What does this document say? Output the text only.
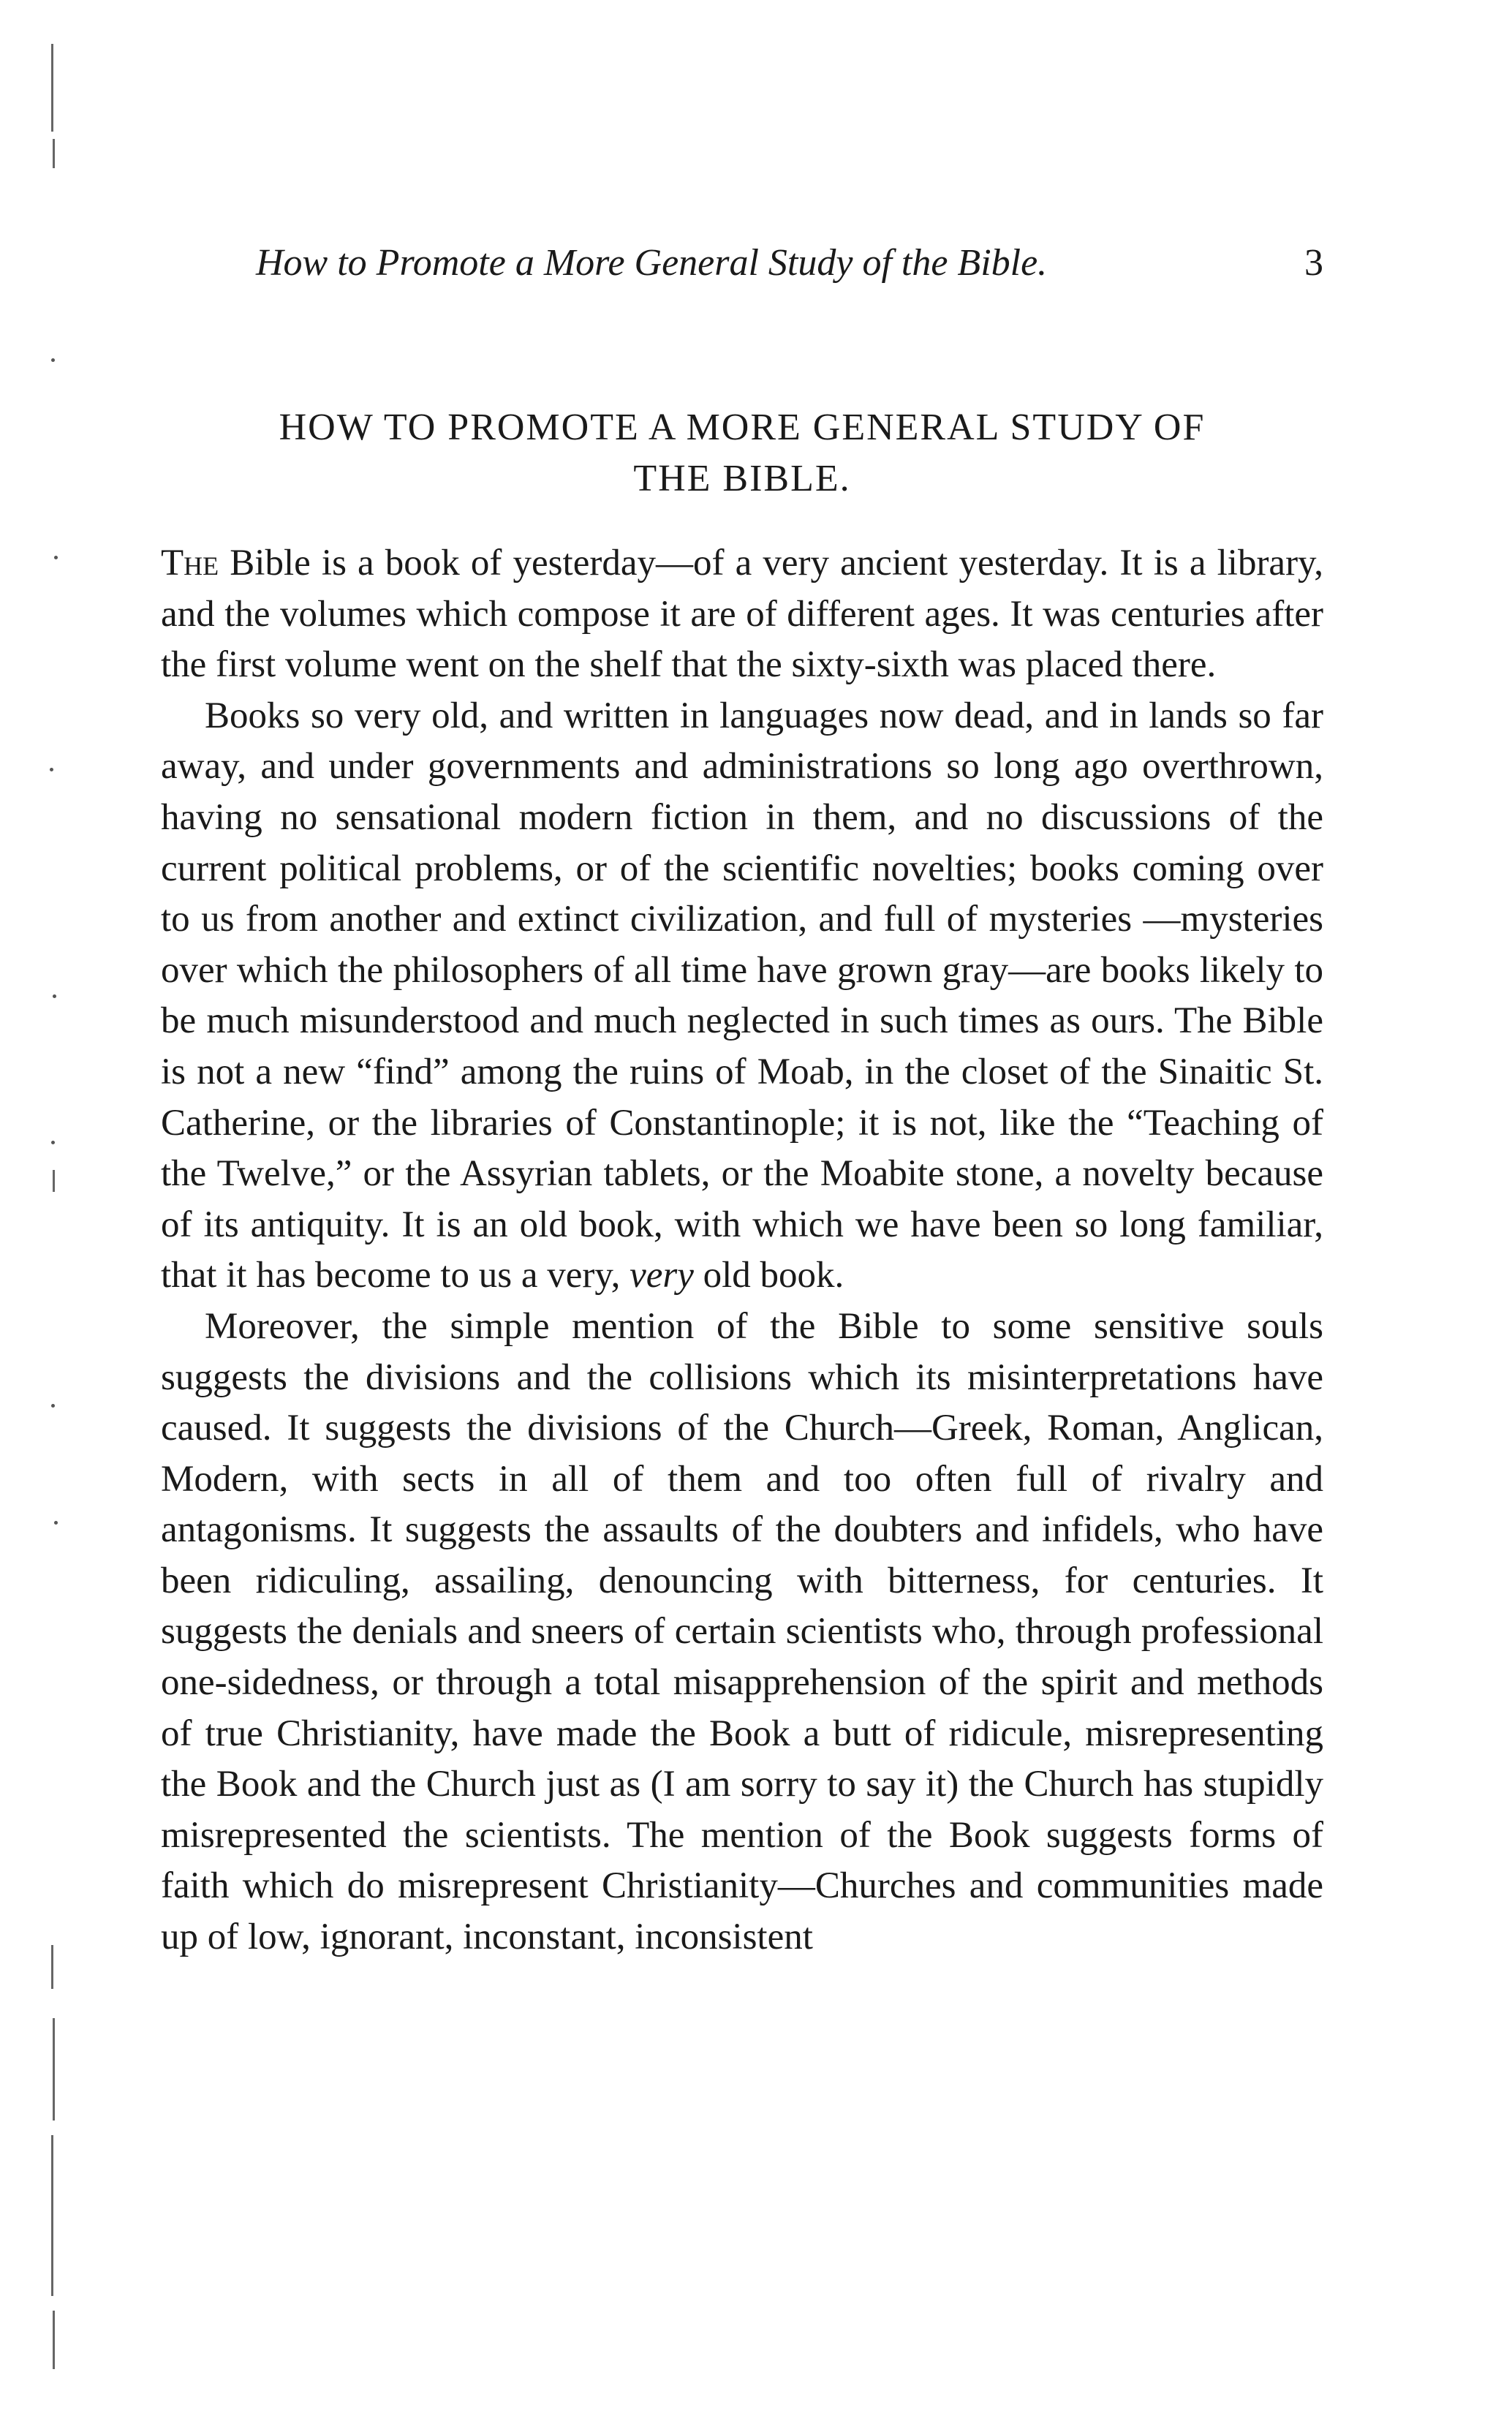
How to Promote a More General Study of the Bible.	3
HOW TO PROMOTE A MORE GENERAL STUDY OF
THE BIBLE.

The Bible is a book of yesterday—of a very ancient yesterday. It is a library, and the volumes which compose it are of different ages. It was centuries after the first volume went on the shelf that the sixty-sixth was placed there.

Books so very old, and written in languages now dead, and in lands so far away, and under governments and administrations so long ago overthrown, having no sensational modern fiction in them, and no discussions of the current political problems, or of the scientific novelties; books coming over to us from another and extinct civilization, and full of mysteries —mysteries over which the philosophers of all time have grown gray—are books likely to be much misunderstood and much neglected in such times as ours. The Bible is not a new “find” among the ruins of Moab, in the closet of the Sinaitic St. Catherine, or the libraries of Constantinople; it is not, like the “Teaching of the Twelve,” or the Assyrian tablets, or the Moabite stone, a novelty because of its antiquity. It is an old book, with which we have been so long familiar, that it has become to us a very, very old book.

Moreover, the simple mention of the Bible to some sensitive souls suggests the divisions and the collisions which its misinterpretations have caused. It suggests the divisions of the Church—Greek, Roman, Anglican, Modern, with sects in all of them and too often full of rivalry and antagonisms. It suggests the assaults of the doubters and infidels, who have been ridiculing, assailing, denouncing with bitterness, for centuries. It suggests the denials and sneers of certain scientists who, through professional one-sidedness, or through a total misapprehension of the spirit and methods of true Christianity, have made the Book a butt of ridicule, misrepresenting the Book and the Church just as (I am sorry to say it) the Church has stupidly misrepresented the scientists. The mention of the Book suggests forms of faith which do misrepresent Christianity—Churches and communities made up of low, ignorant, inconstant, inconsistent
